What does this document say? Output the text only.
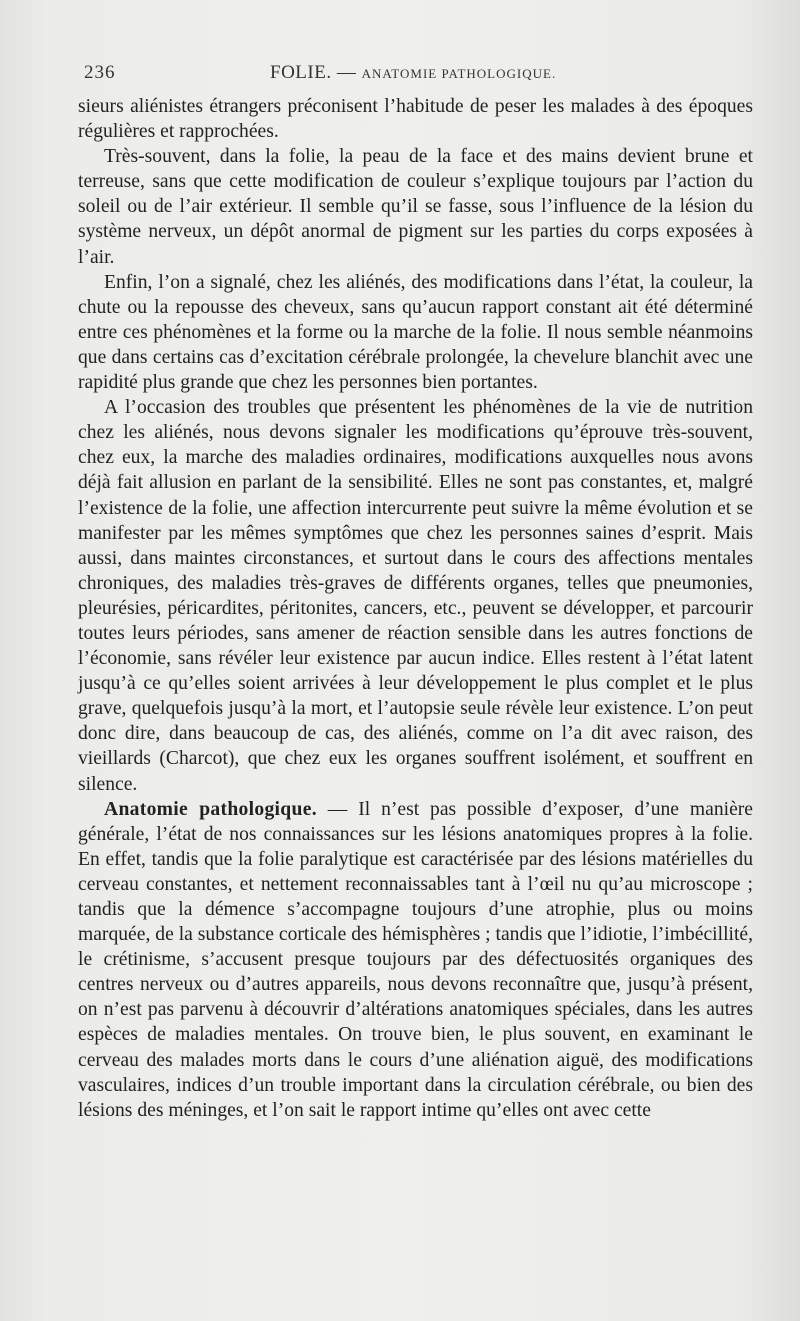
236	FOLIE. — ANATOMIE PATHOLOGIQUE.

sieurs aliénistes étrangers préconisent l’habitude de peser les malades à des époques régulières et rapprochées.

Très-souvent, dans la folie, la peau de la face et des mains devient brune et terreuse, sans que cette modification de couleur s’explique toujours par l’action du soleil ou de l’air extérieur. Il semble qu’il se fasse, sous l’influence de la lésion du système nerveux, un dépôt anormal de pigment sur les parties du corps exposées à l’air.

Enfin, l’on a signalé, chez les aliénés, des modifications dans l’état, la couleur, la chute ou la repousse des cheveux, sans qu’aucun rapport constant ait été déterminé entre ces phénomènes et la forme ou la marche de la folie. Il nous semble néanmoins que dans certains cas d’excitation cérébrale prolongée, la chevelure blanchit avec une rapidité plus grande que chez les personnes bien portantes.

A l’occasion des troubles que présentent les phénomènes de la vie de nutrition chez les aliénés, nous devons signaler les modifications qu’éprouve très-souvent, chez eux, la marche des maladies ordinaires, modifications auxquelles nous avons déjà fait allusion en parlant de la sensibilité. Elles ne sont pas constantes, et, malgré l’existence de la folie, une affection intercurrente peut suivre la même évolution et se manifester par les mêmes symptômes que chez les personnes saines d’esprit. Mais aussi, dans maintes circonstances, et surtout dans le cours des affections mentales chroniques, des maladies très-graves de différents organes, telles que pneumonies, pleurésies, péricardites, péritonites, cancers, etc., peuvent se développer, et parcourir toutes leurs périodes, sans amener de réaction sensible dans les autres fonctions de l’économie, sans révéler leur existence par aucun indice. Elles restent à l’état latent jusqu’à ce qu’elles soient arrivées à leur développement le plus complet et le plus grave, quelquefois jusqu’à la mort, et l’autopsie seule révèle leur existence. L’on peut donc dire, dans beaucoup de cas, des aliénés, comme on l’a dit avec raison, des vieillards (Charcot), que chez eux les organes souffrent isolément, et souffrent en silence.

Anatomie pathologique. — Il n’est pas possible d’exposer, d’une manière générale, l’état de nos connaissances sur les lésions anatomiques propres à la folie. En effet, tandis que la folie paralytique est caractérisée par des lésions matérielles du cerveau constantes, et nettement reconnaissables tant à l’œil nu qu’au microscope ; tandis que la démence s’accompagne toujours d’une atrophie, plus ou moins marquée, de la substance corticale des hémisphères ; tandis que l’idiotie, l’imbécillité, le crétinisme, s’accusent presque toujours par des défectuosités organiques des centres nerveux ou d’autres appareils, nous devons reconnaître que, jusqu’à présent, on n’est pas parvenu à découvrir d’altérations anatomiques spéciales, dans les autres espèces de maladies mentales. On trouve bien, le plus souvent, en examinant le cerveau des malades morts dans le cours d’une aliénation aiguë, des modifications vasculaires, indices d’un trouble important dans la circulation cérébrale, ou bien des lésions des méninges, et l’on sait le rapport intime qu’elles ont avec cette
